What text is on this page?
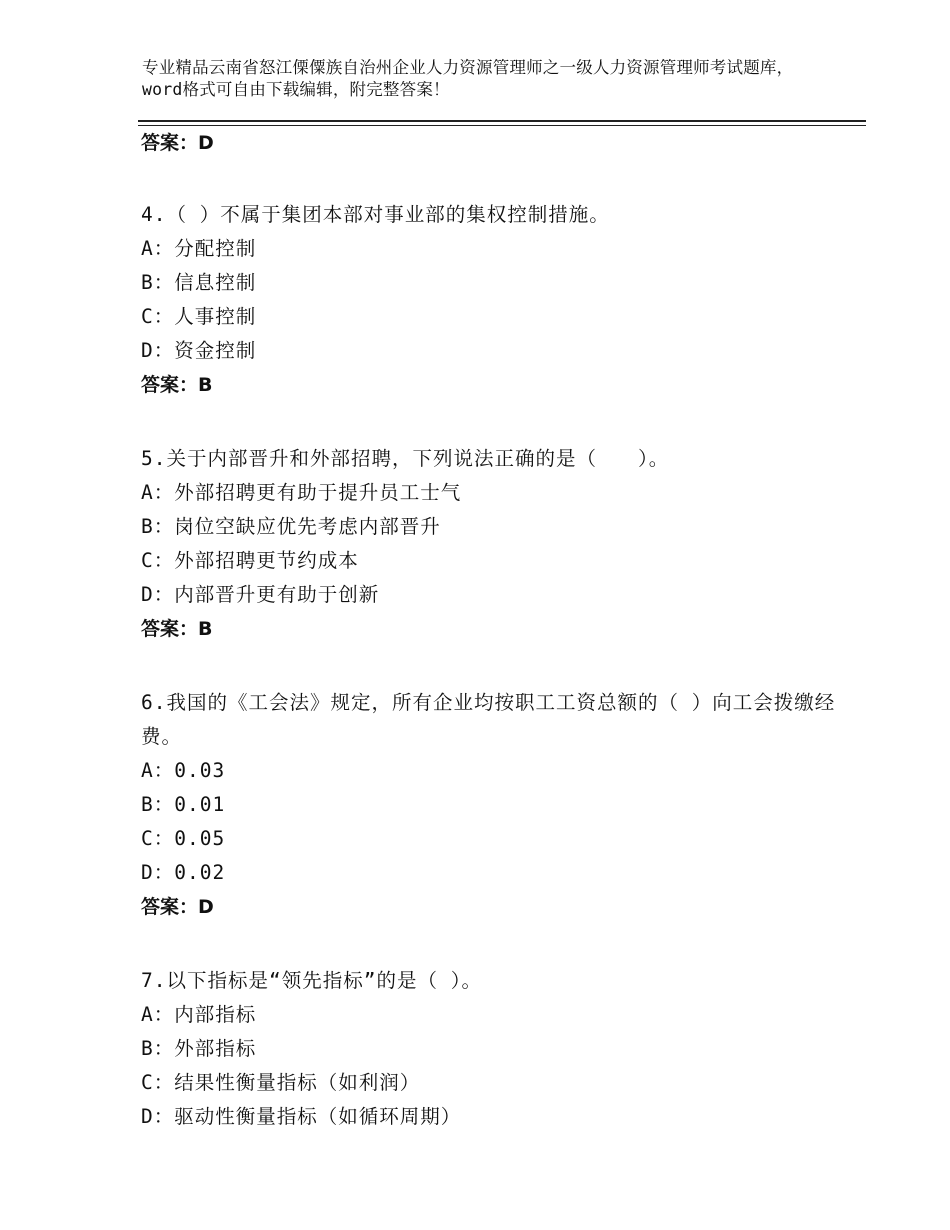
专业精品云南省怒江傈僳族自治州企业人力资源管理师之一级人力资源管理师考试题库，word格式可自由下载编辑，附完整答案！
答案：D
4.（ ）不属于集团本部对事业部的集权控制措施。
A：分配控制
B：信息控制
C：人事控制
D：资金控制
答案：B
5.关于内部晋升和外部招聘，下列说法正确的是（　　）。
A：外部招聘更有助于提升员工士气
B：岗位空缺应优先考虑内部晋升
C：外部招聘更节约成本
D：内部晋升更有助于创新
答案：B
6.我国的《工会法》规定，所有企业均按职工工资总额的（ ）向工会拨缴经费。
A：0.03
B：0.01
C：0.05
D：0.02
答案：D
7.以下指标是“领先指标”的是（ ）。
A：内部指标
B：外部指标
C：结果性衡量指标（如利润）
D：驱动性衡量指标（如循环周期）
